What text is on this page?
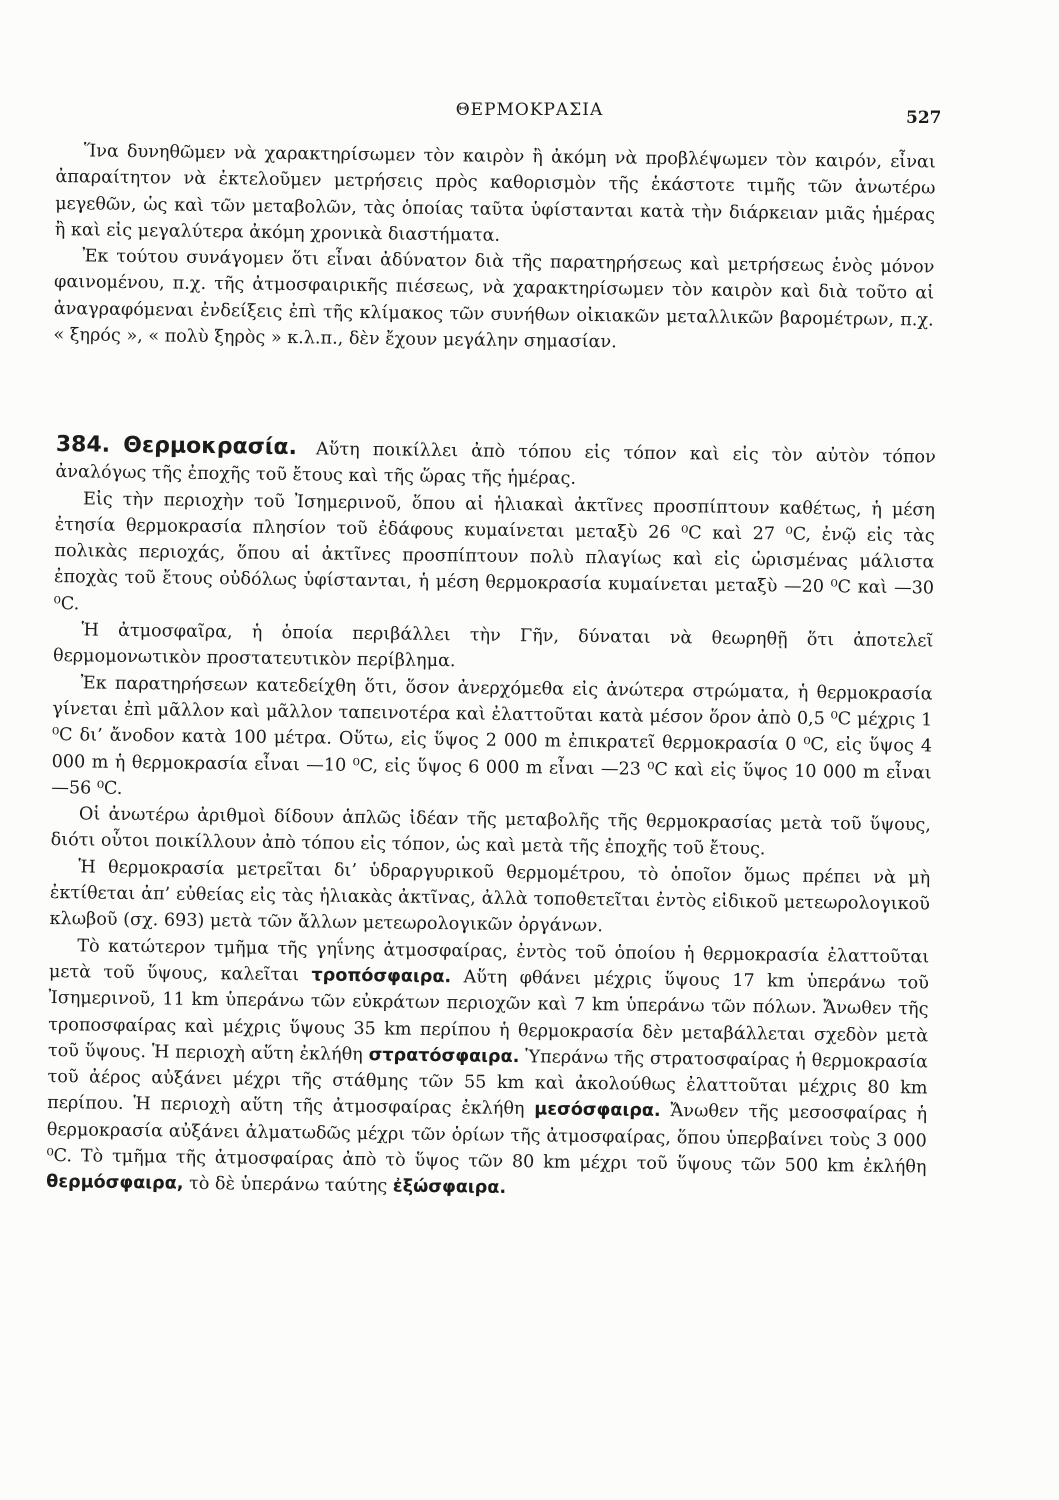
ΘΕΡΜΟΚΡΑΣΙΑ	527

Ἵνα δυνηθῶμεν νὰ χαρακτηρίσωμεν τὸν καιρὸν ἢ ἀκόμη νὰ προβλέψωμεν τὸν καιρόν, εἶναι ἀπαραίτητον νὰ ἐκτελοῦμεν μετρήσεις πρὸς καθορισμὸν τῆς ἑκάστοτε τιμῆς τῶν ἀνωτέρω μεγεθῶν, ὡς καὶ τῶν μεταβολῶν, τὰς ὁποίας ταῦτα ὑφίστανται κατὰ τὴν διάρκειαν μιᾶς ἡμέρας ἢ καὶ εἰς μεγαλύτερα ἀκόμη χρονικὰ διαστήματα.

Ἐκ τούτου συνάγομεν ὅτι εἶναι ἀδύνατον διὰ τῆς παρατηρήσεως καὶ μετρήσεως ἑνὸς μόνον φαινομένου, π.χ. τῆς ἀτμοσφαιρικῆς πιέσεως, νὰ χαρακτηρίσωμεν τὸν καιρὸν καὶ διὰ τοῦτο αἱ ἀναγραφόμεναι ἐνδείξεις ἐπὶ τῆς κλίμακος τῶν συνήθων οἰκιακῶν μεταλλικῶν βαρομέτρων, π.χ. « ξηρός », « πολὺ ξηρὸς » κ.λ.π., δὲν ἔχουν μεγάλην σημασίαν.

384. Θερμοκρασία. Αὕτη ποικίλλει ἀπὸ τόπου εἰς τόπον καὶ εἰς τὸν αὐτὸν τόπον ἀναλόγως τῆς ἐποχῆς τοῦ ἔτους καὶ τῆς ὥρας τῆς ἡμέρας.

Εἰς τὴν περιοχὴν τοῦ Ἰσημερινοῦ, ὅπου αἱ ἡλιακαὶ ἀκτῖνες προσπίπτουν καθέτως, ἡ μέση ἐτησία θερμοκρασία πλησίον τοῦ ἐδάφους κυμαίνεται μεταξὺ 26 ⁰C καὶ 27 ⁰C, ἐνῷ εἰς τὰς πολικὰς περιοχάς, ὅπου αἱ ἀκτῖνες προσπίπτουν πολὺ πλαγίως καὶ εἰς ὡρισμένας μάλιστα ἐποχὰς τοῦ ἔτους οὐδόλως ὑφίστανται, ἡ μέση θερμοκρασία κυμαίνεται μεταξὺ —20 ⁰C καὶ —30 ⁰C.

Ἡ ἀτμοσφαῖρα, ἡ ὁποία περιβάλλει τὴν Γῆν, δύναται νὰ θεωρηθῇ ὅτι ἀποτελεῖ θερμομονωτικὸν προστατευτικὸν περίβλημα.

Ἐκ παρατηρήσεων κατεδείχθη ὅτι, ὅσον ἀνερχόμεθα εἰς ἀνώτερα στρώματα, ἡ θερμοκρασία γίνεται ἐπὶ μᾶλλον καὶ μᾶλλον ταπεινοτέρα καὶ ἐλαττοῦται κατὰ μέσον ὅρον ἀπὸ 0,5 ⁰C μέχρις 1 ⁰C δι’ ἄνοδον κατὰ 100 μέτρα. Οὕτω, εἰς ὕψος 2 000 m ἐπικρατεῖ θερμοκρασία 0 ⁰C, εἰς ὕψος 4 000 m ἡ θερμοκρασία εἶναι —10 ⁰C, εἰς ὕψος 6 000 m εἶναι —23 ⁰C καὶ εἰς ὕψος 10 000 m εἶναι —56 ⁰C.

Οἱ ἀνωτέρω ἀριθμοὶ δίδουν ἁπλῶς ἰδέαν τῆς μεταβολῆς τῆς θερμοκρασίας μετὰ τοῦ ὕψους, διότι οὗτοι ποικίλλουν ἀπὸ τόπου εἰς τόπον, ὡς καὶ μετὰ τῆς ἐποχῆς τοῦ ἔτους.

Ἡ θερμοκρασία μετρεῖται δι’ ὑδραργυρικοῦ θερμομέτρου, τὸ ὁποῖον ὅμως πρέπει νὰ μὴ ἐκτίθεται ἀπ’ εὐθείας εἰς τὰς ἡλιακὰς ἀκτῖνας, ἀλλὰ τοποθετεῖται ἐντὸς εἰδικοῦ μετεωρολογικοῦ κλωβοῦ (σχ. 693) μετὰ τῶν ἄλλων μετεωρολογικῶν ὀργάνων.

Τὸ κατώτερον τμῆμα τῆς γηΐνης ἀτμοσφαίρας, ἐντὸς τοῦ ὁποίου ἡ θερμοκρασία ἐλαττοῦται μετὰ τοῦ ὕψους, καλεῖται τροπόσφαιρα. Αὕτη φθάνει μέχρις ὕψους 17 km ὑπεράνω τοῦ Ἰσημερινοῦ, 11 km ὑπεράνω τῶν εὐκράτων περιοχῶν καὶ 7 km ὑπεράνω τῶν πόλων. Ἄνωθεν τῆς τροποσφαίρας καὶ μέχρις ὕψους 35 km περίπου ἡ θερμοκρασία δὲν μεταβάλλεται σχεδὸν μετὰ τοῦ ὕψους. Ἡ περιοχὴ αὕτη ἐκλήθη στρατόσφαιρα. Ὑπεράνω τῆς στρατοσφαίρας ἡ θερμοκρασία τοῦ ἀέρος αὐξάνει μέχρι τῆς στάθμης τῶν 55 km καὶ ἀκολούθως ἐλαττοῦται μέχρις 80 km περίπου. Ἡ περιοχὴ αὕτη τῆς ἀτμοσφαίρας ἐκλήθη μεσόσφαιρα. Ἄνωθεν τῆς μεσοσφαίρας ἡ θερμοκρασία αὐξάνει ἀλματωδῶς μέχρι τῶν ὁρίων τῆς ἀτμοσφαίρας, ὅπου ὑπερβαίνει τοὺς 3 000 ⁰C. Τὸ τμῆμα τῆς ἀτμοσφαίρας ἀπὸ τὸ ὕψος τῶν 80 km μέχρι τοῦ ὕψους τῶν 500 km ἐκλήθη θερμόσφαιρα, τὸ δὲ ὑπεράνω ταύτης ἐξώσφαιρα.
